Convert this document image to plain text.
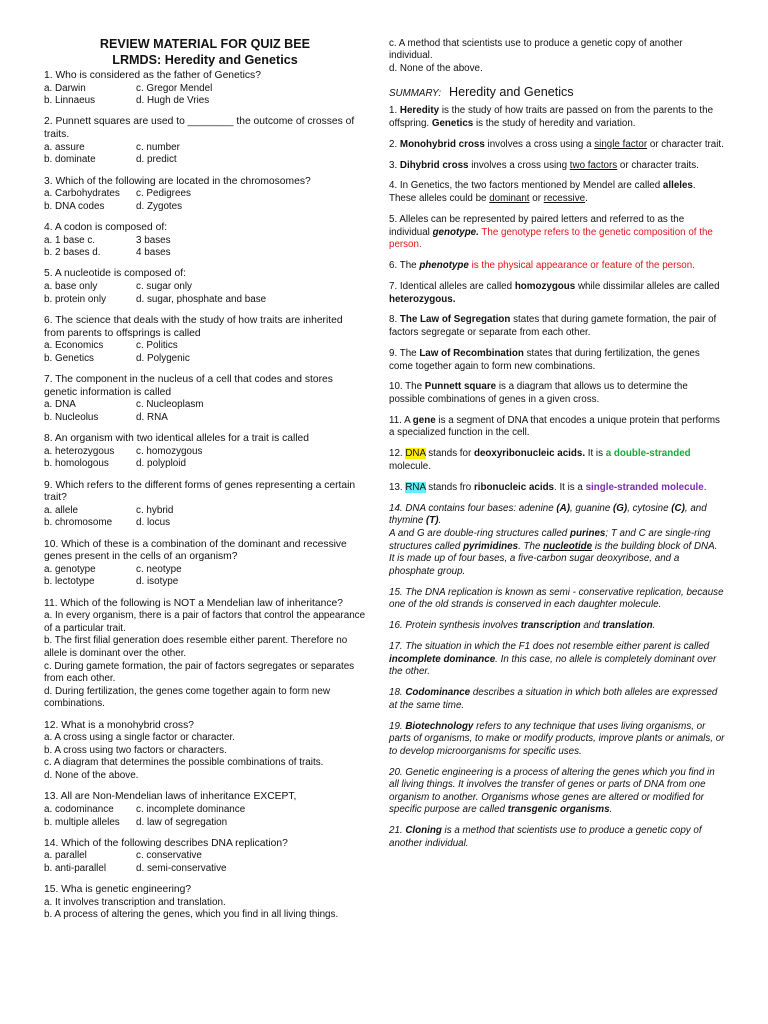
REVIEW MATERIAL FOR QUIZ BEE
LRMDS: Heredity and Genetics
1. Who is considered as the father of Genetics?
a. Darwin	c. Gregor Mendel
b. Linnaeus	d. Hugh de Vries
2. Punnett squares are used to ________ the outcome of crosses of traits.
a. assure	c. number
b. dominate	d. predict
3. Which of the following are located in the chromosomes?
a. Carbohydrates	c. Pedigrees
b. DNA codes	d. Zygotes
4. A codon is composed of:
a. 1 base c.	3 bases
b. 2 bases d.	4 bases
5. A nucleotide is composed of:
a. base only	c. sugar only
b. protein only	d. sugar, phosphate and base
6. The science that deals with the study of how traits are inherited from parents to offsprings is called
a. Economics	c. Politics
b. Genetics	d. Polygenic
7. The component in the nucleus of a cell that codes and stores genetic information is called
a. DNA	c. Nucleoplasm
b. Nucleolus	d. RNA
8. An organism with two identical alleles for a trait is called
a. heterozygous	c. homozygous
b. homologous	d. polyploid
9. Which refers to the different forms of genes representing a certain trait?
a. allele	c. hybrid
b. chromosome	d. locus
10. Which of these is a combination of the dominant and recessive genes present in the cells of an organism?
a. genotype	c. neotype
b. lectotype	d. isotype
11. Which of the following is NOT a Mendelian law of inheritance?
a. In every organism, there is a pair of factors that control the appearance of a particular trait.
b. The first filial generation does resemble either parent. Therefore no allele is dominant over the other.
c. During gamete formation, the pair of factors segregates or separates from each other.
d. During fertilization, the genes come together again to form new combinations.
12. What is a monohybrid cross?
a. A cross using a single factor or character.
b. A cross using two factors or characters.
c. A diagram that determines the possible combinations of traits.
d. None of the above.
13. All are Non-Mendelian laws of inheritance EXCEPT,
a. codominance	c. incomplete dominance
b. multiple alleles	d. law of segregation
14. Which of the following describes DNA replication?
a. parallel	c. conservative
b. anti-parallel	d. semi-conservative
15. Wha is genetic engineering?
a. It involves transcription and translation.
b. A process of altering the genes, which you find in all living things.
c. A method that scientists use to produce a genetic copy of another individual.
d. None of the above.
SUMMARY: Heredity and Genetics
1. Heredity is the study of how traits are passed on from the parents to the offspring. Genetics is the study of heredity and variation.
2. Monohybrid cross involves a cross using a single factor or character trait.
3. Dihybrid cross involves a cross using two factors or character traits.
4. In Genetics, the two factors mentioned by Mendel are called alleles. These alleles could be dominant or recessive.
5. Alleles can be represented by paired letters and referred to as the individual genotype. The genotype refers to the genetic composition of the person.
6. The phenotype is the physical appearance or feature of the person.
7. Identical alleles are called homozygous while dissimilar alleles are called heterozygous.
8. The Law of Segregation states that during gamete formation, the pair of factors segregate or separate from each other.
9. The Law of Recombination states that during fertilization, the genes come together again to form new combinations.
10. The Punnett square is a diagram that allows us to determine the possible combinations of genes in a given cross.
11. A gene is a segment of DNA that encodes a unique protein that performs a specialized function in the cell.
12. DNA stands for deoxyribonucleic acids. It is a double-stranded molecule.
13. RNA stands fro ribonucleic acids. It is a single-stranded molecule.
14. DNA contains four bases: adenine (A), guanine (G), cytosine (C), and thymine (T).
A and G are double-ring structures called purines; T and C are single-ring structures called pyrimidines. The nucleotide is the building block of DNA. It is made up of four bases, a five-carbon sugar deoxyribose, and a phosphate group.
15. The DNA replication is known as semi - conservative replication, because one of the old strands is conserved in each daughter molecule.
16. Protein synthesis involves transcription and translation.
17. The situation in which the F1 does not resemble either parent is called incomplete dominance. In this case, no allele is completely dominant over the other.
18. Codominance describes a situation in which both alleles are expressed at the same time.
19. Biotechnology refers to any technique that uses living organisms, or parts of organisms, to make or modify products, improve plants or animals, or to develop microorganisms for specific uses.
20. Genetic engineering is a process of altering the genes which you find in all living things. It involves the transfer of genes or parts of DNA from one organism to another. Organisms whose genes are altered or modified for specific purpose are called transgenic organisms.
21. Cloning is a method that scientists use to produce a genetic copy of another individual.
